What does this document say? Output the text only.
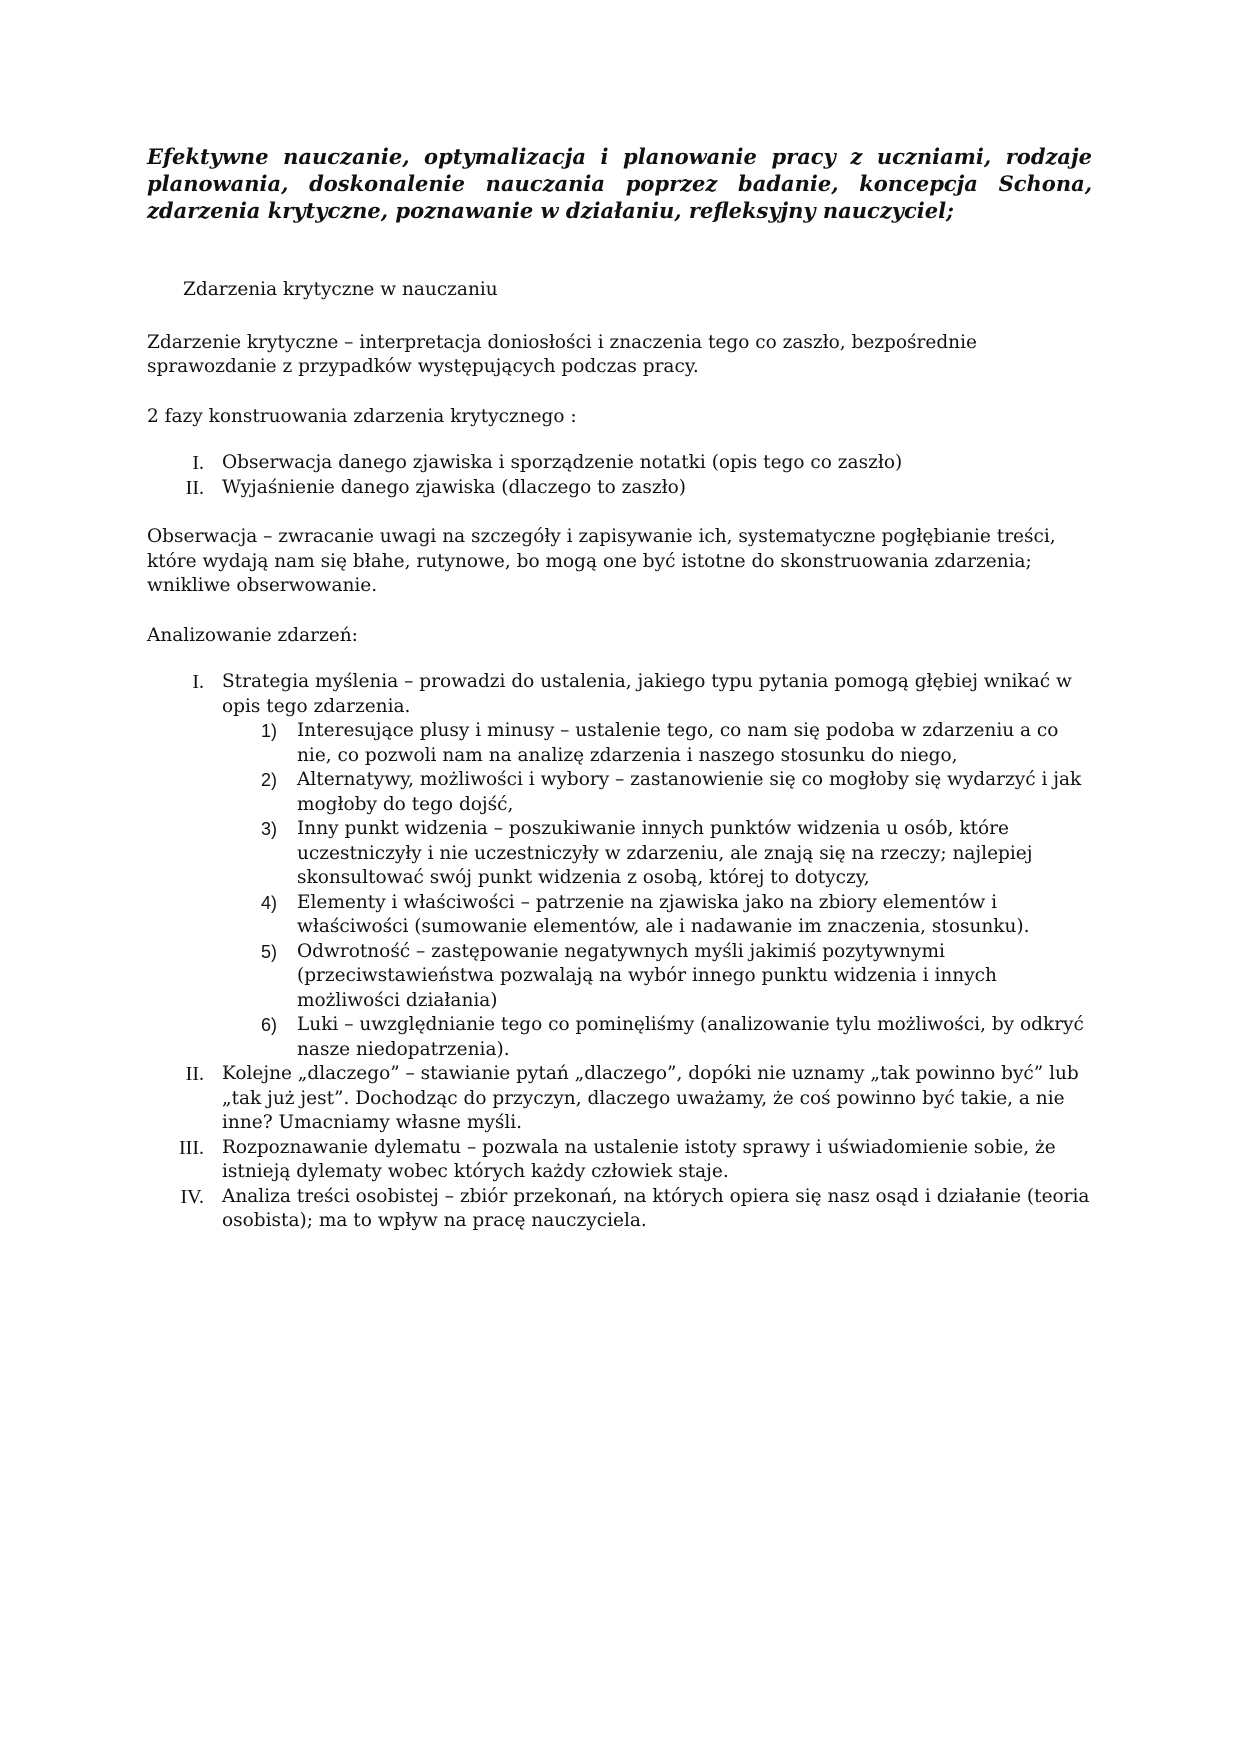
Efektywne nauczanie, optymalizacja i planowanie pracy z uczniami, rodzaje planowania, doskonalenie nauczania poprzez badanie, koncepcja Schona, zdarzenia krytyczne, poznawanie w działaniu, refleksyjny nauczyciel;

Zdarzenia krytyczne w nauczaniu

Zdarzenie krytyczne – interpretacja doniosłości i znaczenia tego co zaszło, bezpośrednie sprawozdanie z przypadków występujących podczas pracy.

2 fazy konstruowania zdarzenia krytycznego :

I. Obserwacja danego zjawiska i sporządzenie notatki (opis tego co zaszło)
II. Wyjaśnienie danego zjawiska (dlaczego to zaszło)

Obserwacja – zwracanie uwagi na szczegóły i zapisywanie ich, systematyczne pogłębianie treści, które wydają nam się błahe, rutynowe, bo mogą one być istotne do skonstruowania zdarzenia; wnikliwe obserwowanie.

Analizowanie zdarzeń:

I. Strategia myślenia – prowadzi do ustalenia, jakiego typu pytania pomogą głębiej wnikać w opis tego zdarzenia.
1) Interesujące plusy i minusy – ustalenie tego, co nam się podoba w zdarzeniu a co nie, co pozwoli nam na analizę zdarzenia i naszego stosunku do niego,
2) Alternatywy, możliwości i wybory – zastanowienie się co mogłoby się wydarzyć i jak mogłoby do tego dojść,
3) Inny punkt widzenia – poszukiwanie innych punktów widzenia u osób, które uczestniczyły i nie uczestniczyły w zdarzeniu, ale znają się na rzeczy; najlepiej skonsultować swój punkt widzenia z osobą, której to dotyczy,
4) Elementy i właściwości – patrzenie na zjawiska jako na zbiory elementów i właściwości (sumowanie elementów, ale i nadawanie im znaczenia, stosunku).
5) Odwrotność – zastępowanie negatywnych myśli jakimiś pozytywnymi (przeciwstawieństwa pozwalają na wybór innego punktu widzenia i innych możliwości działania)
6) Luki – uwzględnianie tego co pominęliśmy (analizowanie tylu możliwości, by odkryć nasze niedopatrzenia).
II. Kolejne „dlaczego” – stawianie pytań „dlaczego”, dopóki nie uznamy „tak powinno być” lub „tak już jest”. Dochodząc do przyczyn, dlaczego uważamy, że coś powinno być takie, a nie inne? Umacniamy własne myśli.
III. Rozpoznawanie dylematu – pozwala na ustalenie istoty sprawy i uświadomienie sobie, że istnieją dylematy wobec których każdy człowiek staje.
IV. Analiza treści osobistej – zbiór przekonań, na których opiera się nasz osąd i działanie (teoria osobista); ma to wpływ na pracę nauczyciela.
